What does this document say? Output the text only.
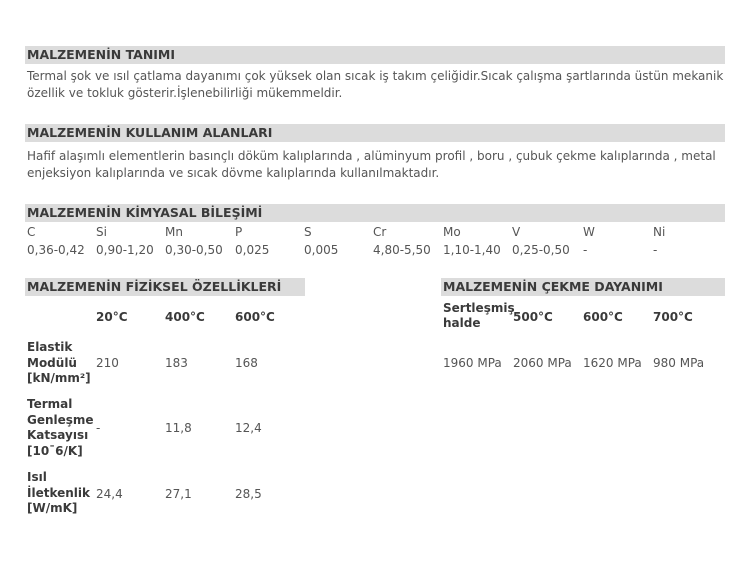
MALZEMENİN TANIMI
Termal şok ve ısıl çatlama dayanımı çok yüksek olan sıcak iş takım çeliğidir.Sıcak çalışma şartlarında üstün mekanik özellik ve tokluk gösterir.İşlenebilirliği mükemmeldir.
MALZEMENİN KULLANIM ALANLARI
Hafif alaşımlı elementlerin basınçlı döküm kalıplarında , alüminyum profil , boru , çubuk çekme kalıplarında , metal enjeksiyon kalıplarında ve sıcak dövme kalıplarında kullanılmaktadır.
MALZEMENİN KİMYASAL BİLEŞİMİ
C	Si	Mn	P	S	Cr	Mo	V	W	Ni
0,36-0,42 0,90-1,20 0,30-0,50 0,025	0,005	4,80-5,50 1,10-1,40 0,25-0,50 -	-
MALZEMENİN FİZİKSEL ÖZELLİKLERİ
20°C	400°C	600°C
Elastik
Modülü
[kN/mm²]
210	183	168
Termal
Genleşme
Katsayısı
[10ˉ6/K]
-	11,8	12,4
Isıl
İletkenlik
[W/mK]
24,4	27,1	28,5
MALZEMENİN ÇEKME DAYANIMI
Sertleşmiş
halde	500°C	600°C	700°C
1960 MPa 2060 MPa 1620 MPa 980 MPa
